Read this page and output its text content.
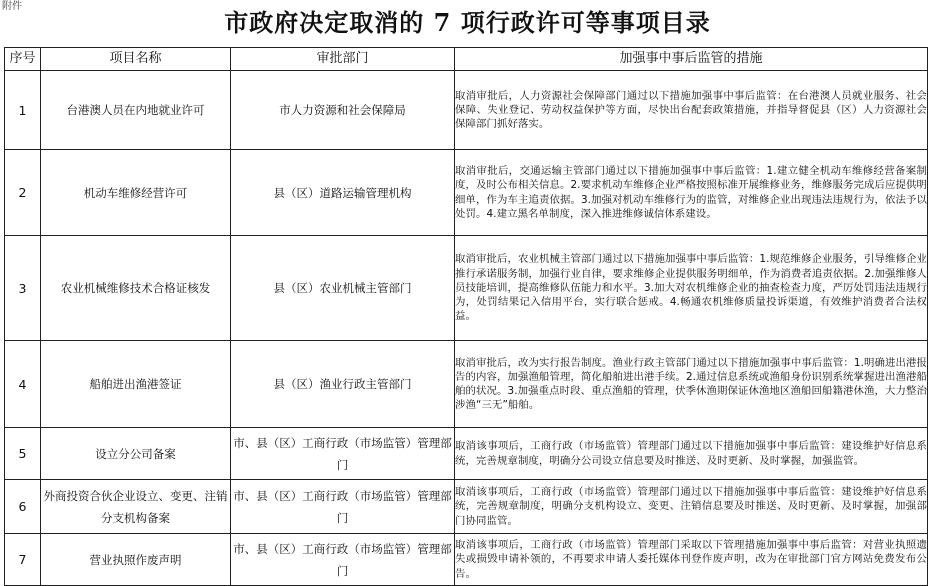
附件
市政府决定取消的 7 项行政许可等事项目录
序号	项目名称	审批部门	加强事中事后监管的措施
1	台港澳人员在内地就业许可	市人力资源和社会保障局	取消审批后，人力资源社会保障部门通过以下措施加强事中事后监管：在台港澳人员就业服务、社会保障、失业登记、劳动权益保护等方面，尽快出台配套政策措施，并指导督促县（区）人力资源社会保障部门抓好落实。

2	机动车维修经营许可	县（区）道路运输管理机构	取消审批后，交通运输主管部门通过以下措施加强事中事后监管：1.建立健全机动车维修经营备案制度，及时公布相关信息。2.要求机动车维修企业严格按照标准开展维修业务，维修服务完成后应提供明细单，作为车主追责依据。3.加强对机动车维修行为的监管，对维修企业出现违法违规行为，依法予以处罚。4.建立黑名单制度，深入推进维修诚信体系建设。

3	农业机械维修技术合格证核发	县（区）农业机械主管部门	取消审批后，农业机械主管部门通过以下措施加强事中事后监管：1.规范维修企业服务，引导维修企业推行承诺服务制，加强行业自律，要求维修企业提供服务明细单，作为消费者追责依据。2.加强维修人员技能培训，提高维修队伍能力和水平。3.加大对农机维修企业的抽查检查力度，严厉处罚违法违规行为，处罚结果记入信用平台，实行联合惩戒。4.畅通农机维修质量投诉渠道，有效维护消费者合法权益。

4	船舶进出渔港签证	县（区）渔业行政主管部门	取消审批后，改为实行报告制度。渔业行政主管部门通过以下措施加强事中事后监管：1.明确进出港报告的内容，加强渔船管理，简化船舶进出港手续。2.通过信息系统或渔船身份识别系统掌握进出渔港船舶的状况。3.加强重点时段、重点渔船的管理，伏季休渔期保证休渔地区渔船回船籍港休渔，大力整治涉渔“三无”船舶。

5	设立分公司备案	市、县（区）工商行政（市场监管）管理部门	取消该事项后，工商行政（市场监管）管理部门通过以下措施加强事中事后监管：建设维护好信息系统，完善规章制度，明确分公司设立信息要及时推送、及时更新、及时掌握，加强监管。

6	外商投资合伙企业设立、变更、注销分支机构备案	市、县（区）工商行政（市场监管）管理部门	取消该事项后，工商行政（市场监管）管理部门通过以下措施加强事中事后监管：建设维护好信息系统，完善规章制度，明确分支机构设立、变更、注销信息要及时推送、及时更新、及时掌握，加强部门协同监管。

7	营业执照作废声明	市、县（区）工商行政（市场监管）管理部门	取消该事项后，工商行政（市场监管）管理部门采取以下管理措施加强事中事后监管：对营业执照遗失或损毁申请补领的，不再要求申请人委托媒体刊登作废声明，改为在审批部门官方网站免费发布公告。
